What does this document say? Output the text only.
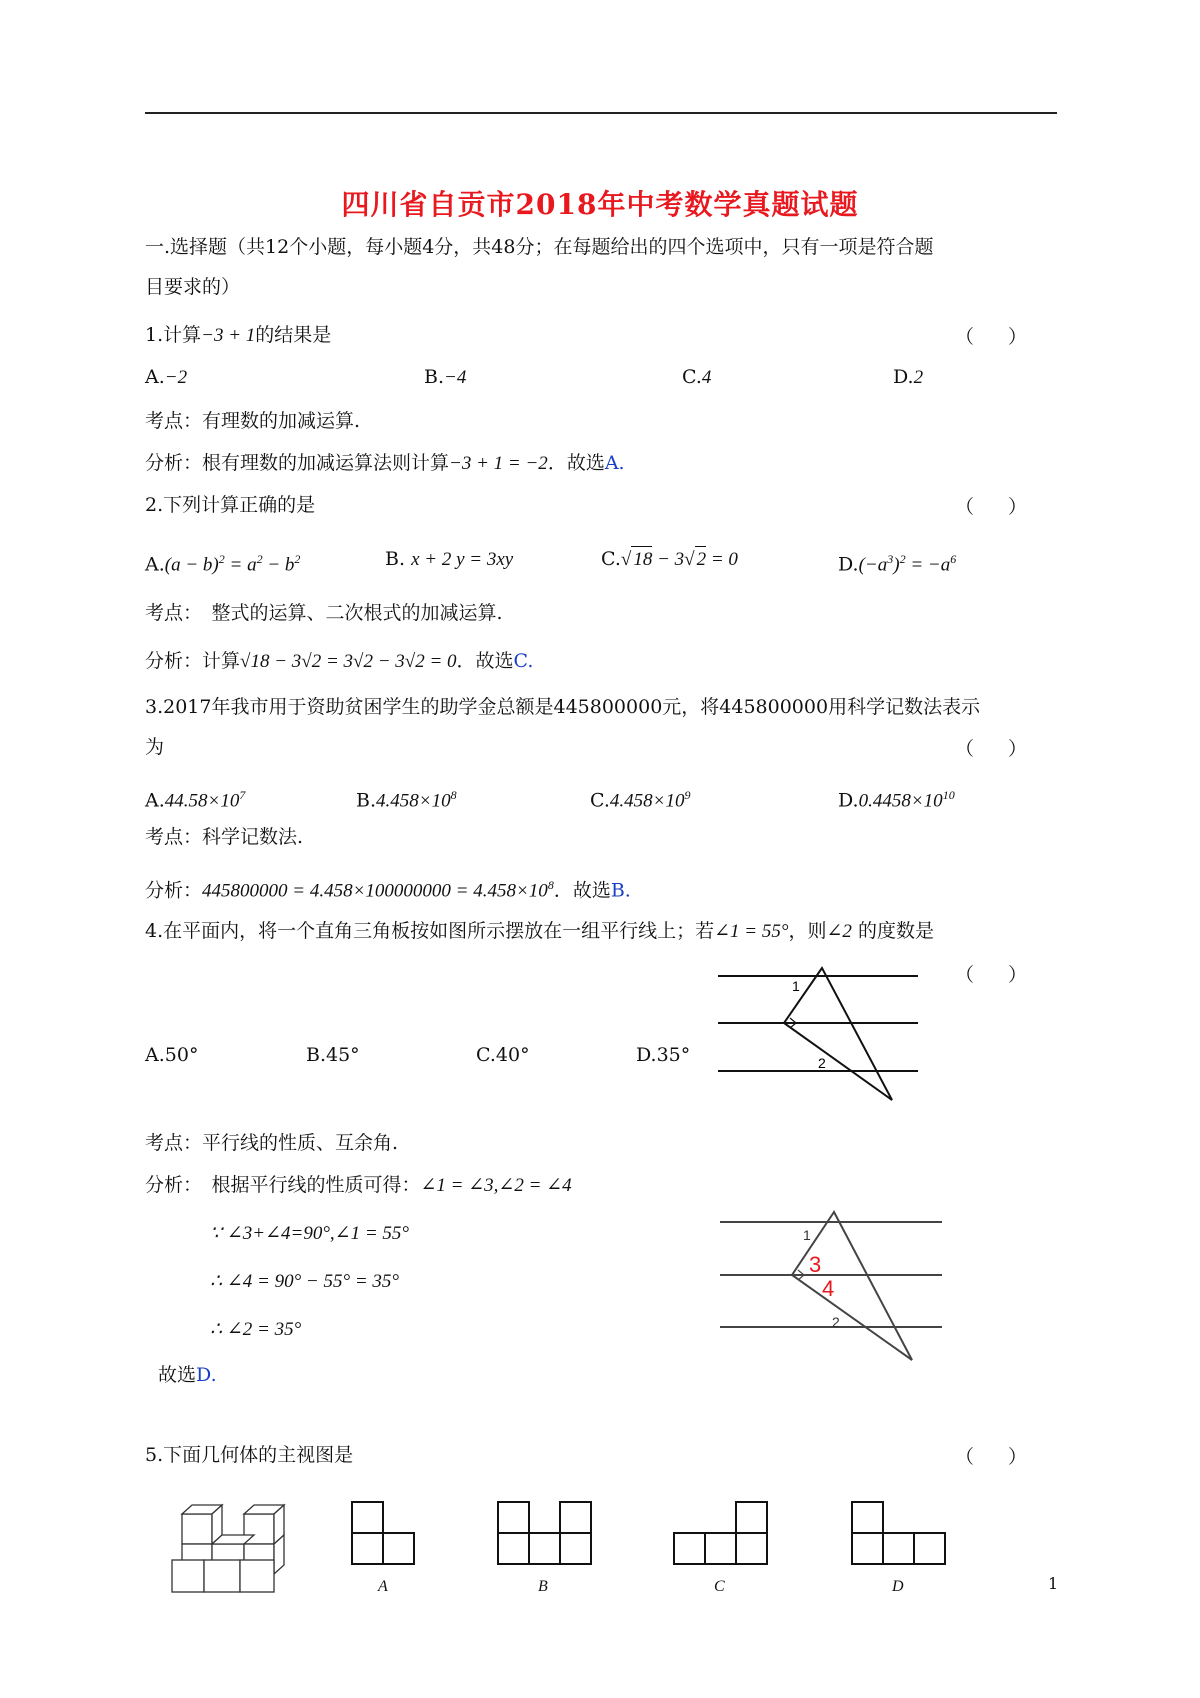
四川省自贡市2018年中考数学真题试题
一.选择题（共12个小题，每小题4分，共48分；在每题给出的四个选项中，只有一项是符合题
目要求的）
1.计算−3 + 1的结果是	（ ）
A.−2	B.−4	C.4	D.2
考点：有理数的加减运算.
分析：根有理数的加减运算法则计算−3 + 1 = −2．故选A.
2.下列计算正确的是	（ ）
$A.(a - b)^2 = a^2 - b^2$	B. x + 2 y = 3xy	C.√ 18 − 3√ 2 = 0	$D.(-a^3)^2 = -a^6$
考点：　整式的运算、二次根式的加减运算.
分析：计算√18 − 3√2 = 3√2 − 3√2 = 0．故选C.
3.2017年我市用于资助贫困学生的助学金总额是445800000元，将445800000用科学记数法表示
为	（ ）
$A.44.58\times 10^7$	$B.4.458\times 10^8$	$C.4.458\times 10^9$	$D.0.4458\times 10^{10}$
考点：科学记数法.
分析：$445800000 = 4.458\times 100000000 = 4.458\times 10^8$．故选B.
4.在平面内，将一个直角三角板按如图所示摆放在一组平行线上；若∠1 = 55°，则∠2 的度数是
（ ）
A.50°	B.45°	C.40°	D.35°
1
2
考点：平行线的性质、互余角.
分析：　根据平行线的性质可得：∠1 = ∠3,∠2 = ∠4
∵ ∠3+∠4=90°,∠1 = 55°
∴ ∠4 = 90° − 55° = 35°
∴ ∠2 = 35°
故选D.
1
2
3
4
5.下面几何体的主视图是	（ ）
A	B	C	D	1
